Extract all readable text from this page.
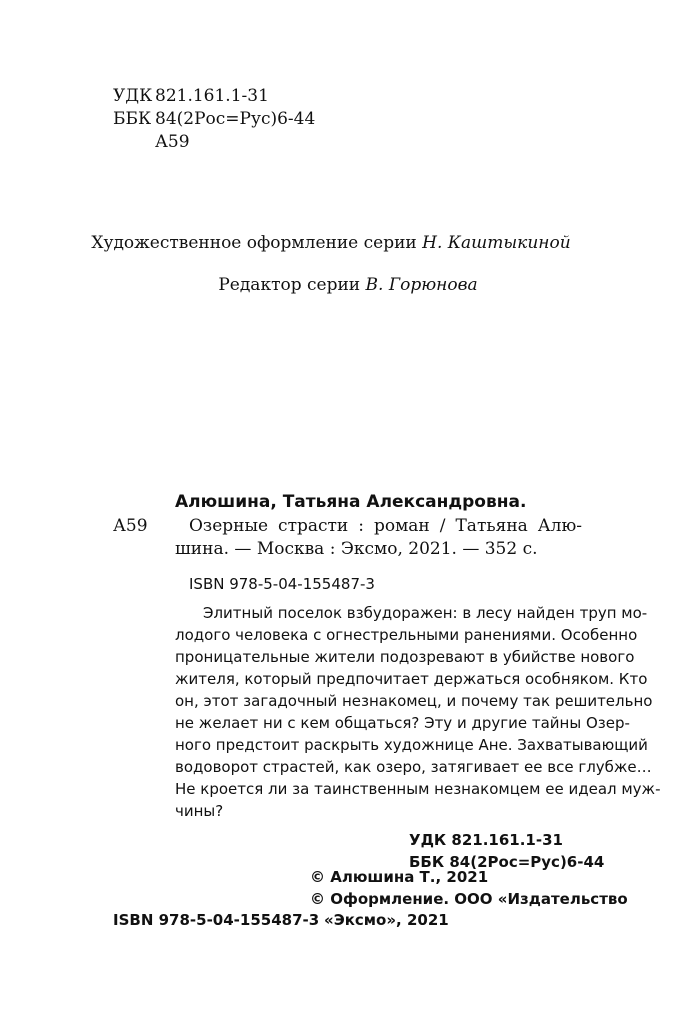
УДК 821.161.1-31
ББК 84(2Рос=Рус)6-44
А59
Художественное оформление серии Н. Каштыкиной
Редактор серии В. Горюнова
Алюшина, Татьяна Александровна.
А59 Озерные страсти : роман / Татьяна Алю-
шина. — Москва : Эксмо, 2021. — 352 с.
ISBN 978-5-04-155487-3
Элитный поселок взбудоражен: в лесу найден труп мо-
лодого человека с огнестрельными ранениями. Особенно
проницательные жители подозревают в убийстве нового
жителя, который предпочитает держаться особняком. Кто
он, этот загадочный незнакомец, и почему так решительно
не желает ни с кем общаться? Эту и другие тайны Озер-
ного предстоит раскрыть художнице Ане. Захватывающий
водоворот страстей, как озеро, затягивает ее все глубже…
Не кроется ли за таинственным незнакомцем ее идеал муж-
чины?
УДК 821.161.1-31
ББК 84(2Рос=Рус)6-44
ISBN 978-5-04-155487-3
© Алюшина Т., 2021
© Оформление. ООО «Издательство
«Эксмо», 2021
